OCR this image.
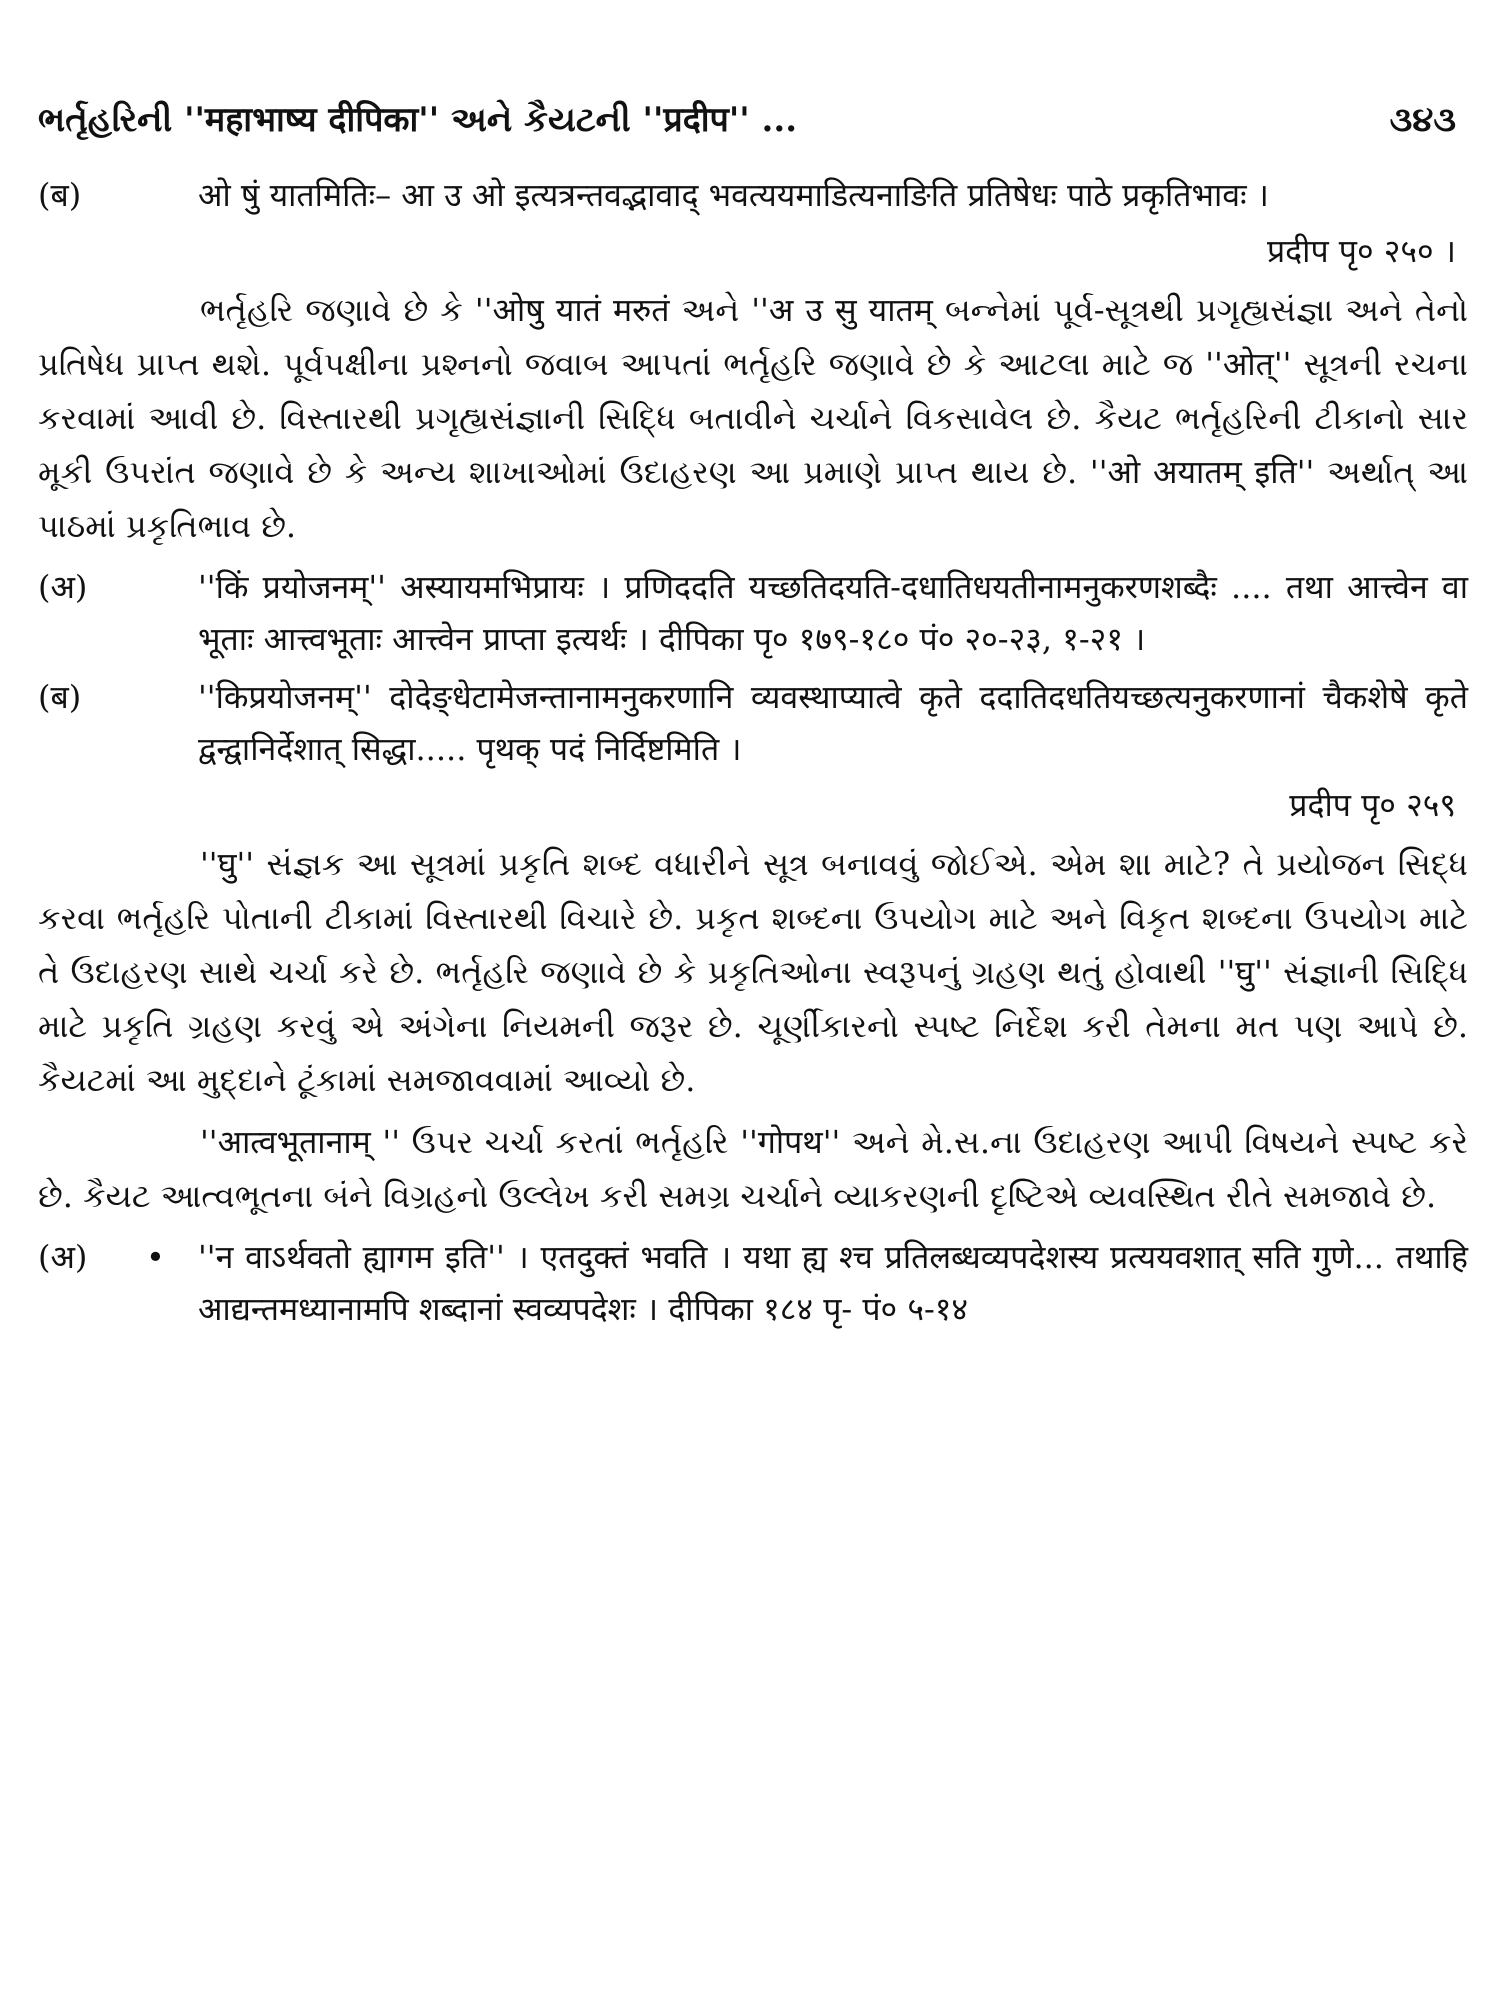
ભર્તૃહરિની ''महाभाष्य दीपिका'' અને કૈયટની ''प्रदीप'' ...	૩૪૩
(ब)	ओ षुं यातमितिः– आ उ ओ इत्यत्रन्तवद्भावाद् भवत्ययमाडित्यनाङिति प्रतिषेधः पाठे प्रकृतिभावः ।
प्रदीप पृ० २५० ।

ભર્તૃહરિ જણાવે છે કે ''ओषु यातं मरुतं અને ''अ उ सु यातम् બન્નેમાં પૂર્વ-સૂત્રથી પ્રગૃહ્યસંજ્ઞા અને તેનો પ્રતિષેધ પ્રાપ્ત થશે. પૂર્વપક્ષીના પ્રશ્નનો જવાબ આપતાં ભર્તૃહરિ જણાવે છે કે આટલા માટે જ ''ओत्'' સૂત્રની રચના કરવામાં આવી છે. વિસ્તારથી પ્રગૃહ્યસંજ્ઞાની સિદ્ધિ બતાવીને ચર્ચાને વિકસાવેલ છે. કૈયટ ભર્તૃહરિની ટીકાનો સાર મૂકી ઉપરાંત જણાવે છે કે અન્ય શાખાઓમાં ઉદાહરણ આ પ્રમાણે પ્રાપ્ત થાય છે. ''ओ अयातम् इति'' અર્થાત્ આ પાઠમાં પ્રકૃતિભાવ છે.

(अ)	''किं प्रयोजनम्'' अस्यायमभिप्रायः । प्रणिददति यच्छतिदयति-दधातिधयतीनामनुकरणशब्दैः .... तथा आत्त्वेन वा भूताः आत्त्वभूताः आत्त्वेन प्राप्ता इत्यर्थः । दीपिका पृ० १७९-१८० पं० २०-२३, १-२१ ।
(ब)	''किप्रयोजनम्'' दोदेङ्धेटामेजन्तानामनुकरणानि व्यवस्थाप्यात्वे कृते ददातिदधतियच्छत्यनुकरणानां चैकशेषे कृते द्वन्द्वानिर्देशात् सिद्धा..... पृथक् पदं निर्दिष्टमिति ।
प्रदीप पृ० २५९

''घु'' સંજ્ઞક આ સૂત્રમાં પ્રકૃતિ શબ્દ વધારીને સૂત્ર બનાવવું જોઈએ. એમ શા માટે? તે પ્રયોજન સિદ્ધ કરવા ભર્તૃહરિ પોતાની ટીકામાં વિસ્તારથી વિચારે છે. પ્રકૃત શબ્દના ઉપયોગ માટે અને વિકૃત શબ્દના ઉપયોગ માટે તે ઉદાહરણ સાથે ચર્ચા કરે છે. ભર્તૃહરિ જણાવે છે કે પ્રકૃતિઓના સ્વરૂપનું ગ્રહણ થતું હોવાથી ''घु'' સંજ્ઞાની સિદ્ધિ માટે પ્રકૃતિ ગ્રહણ કરવું એ અંગેના નિયમની જરૂર છે. ચૂર્ણીકારનો સ્પષ્ટ નિર્દેશ કરી તેમના મત પણ આપે છે. કૈયટમાં આ મુદ્દાને ટૂંકામાં સમજાવવામાં આવ્યો છે.

''आत्वभूतानाम् '' ઉપર ચર્ચા કરતાં ભર્તૃહરિ ''गोपथ'' અને મે.સ.ના ઉદાહરણ આપી વિષયને સ્પષ્ટ કરે છે. કૈયટ આત્વભૂતના બંને વિગ્રહનો ઉલ્લેખ કરી સમગ્ર ચર્ચાને વ્યાકરણની દૃષ્ટિએ વ્યવસ્થિત રીતે સમજાવે છે.

(अ)	• ''न वाऽर्थवतो ह्यागम इति'' । एतदुक्तं भवति । यथा ह्य श्च प्रतिलब्धव्यपदेशस्य प्रत्ययवशात् सति गुणे... तथाहि आद्यन्तमध्यानामपि शब्दानां स्वव्यपदेशः । दीपिका १८४ पृ- पं० ५-१४
